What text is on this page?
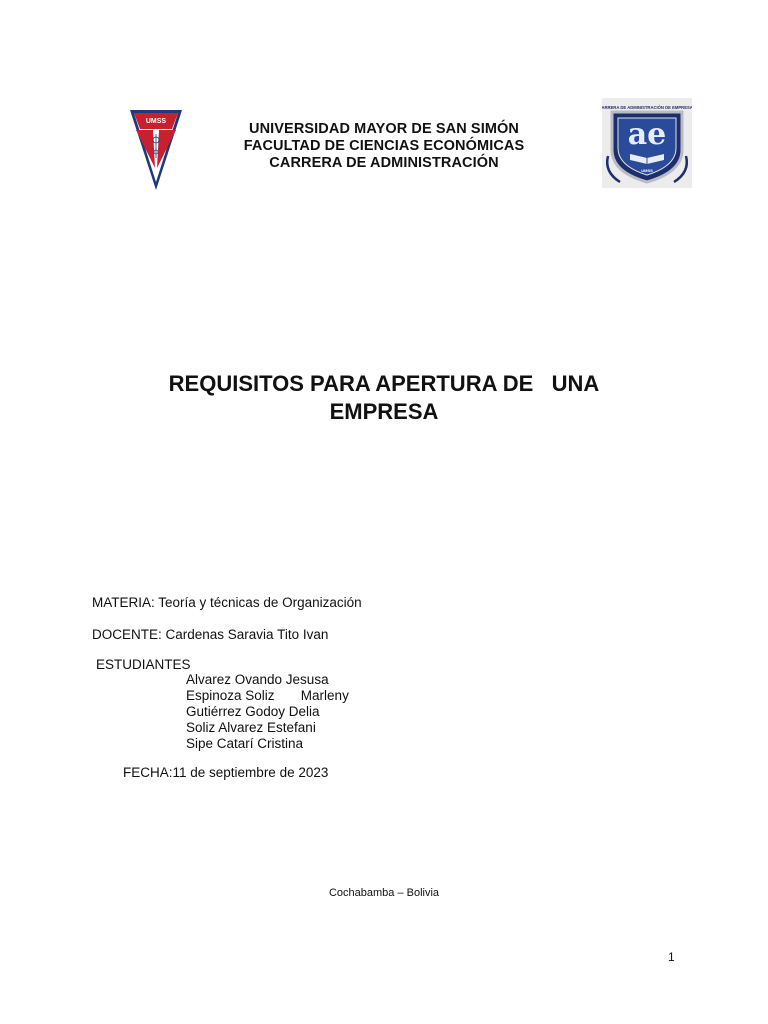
UMSS	UNIVERSIDAD MAYOR DE SAN SIMÓN
FACULTAD DE CIENCIAS ECONÓMICAS
CARRERA DE ADMINISTRACIÓN
CARRERA DE ADMINISTRACIÓN DE EMPRESAS
ae
UMSS
REQUISITOS PARA APERTURA DE   UNA
EMPRESA
MATERIA: Teoría y técnicas de Organización
DOCENTE: Cardenas Saravia Tito Ivan
ESTUDIANTES
Alvarez Ovando Jesusa
Espinoza Soliz       Marleny
Gutiérrez Godoy Delia
Soliz Alvarez Estefani
Sipe Catarí Cristina
FECHA:11 de septiembre de 2023
Cochabamba – Bolivia
1
